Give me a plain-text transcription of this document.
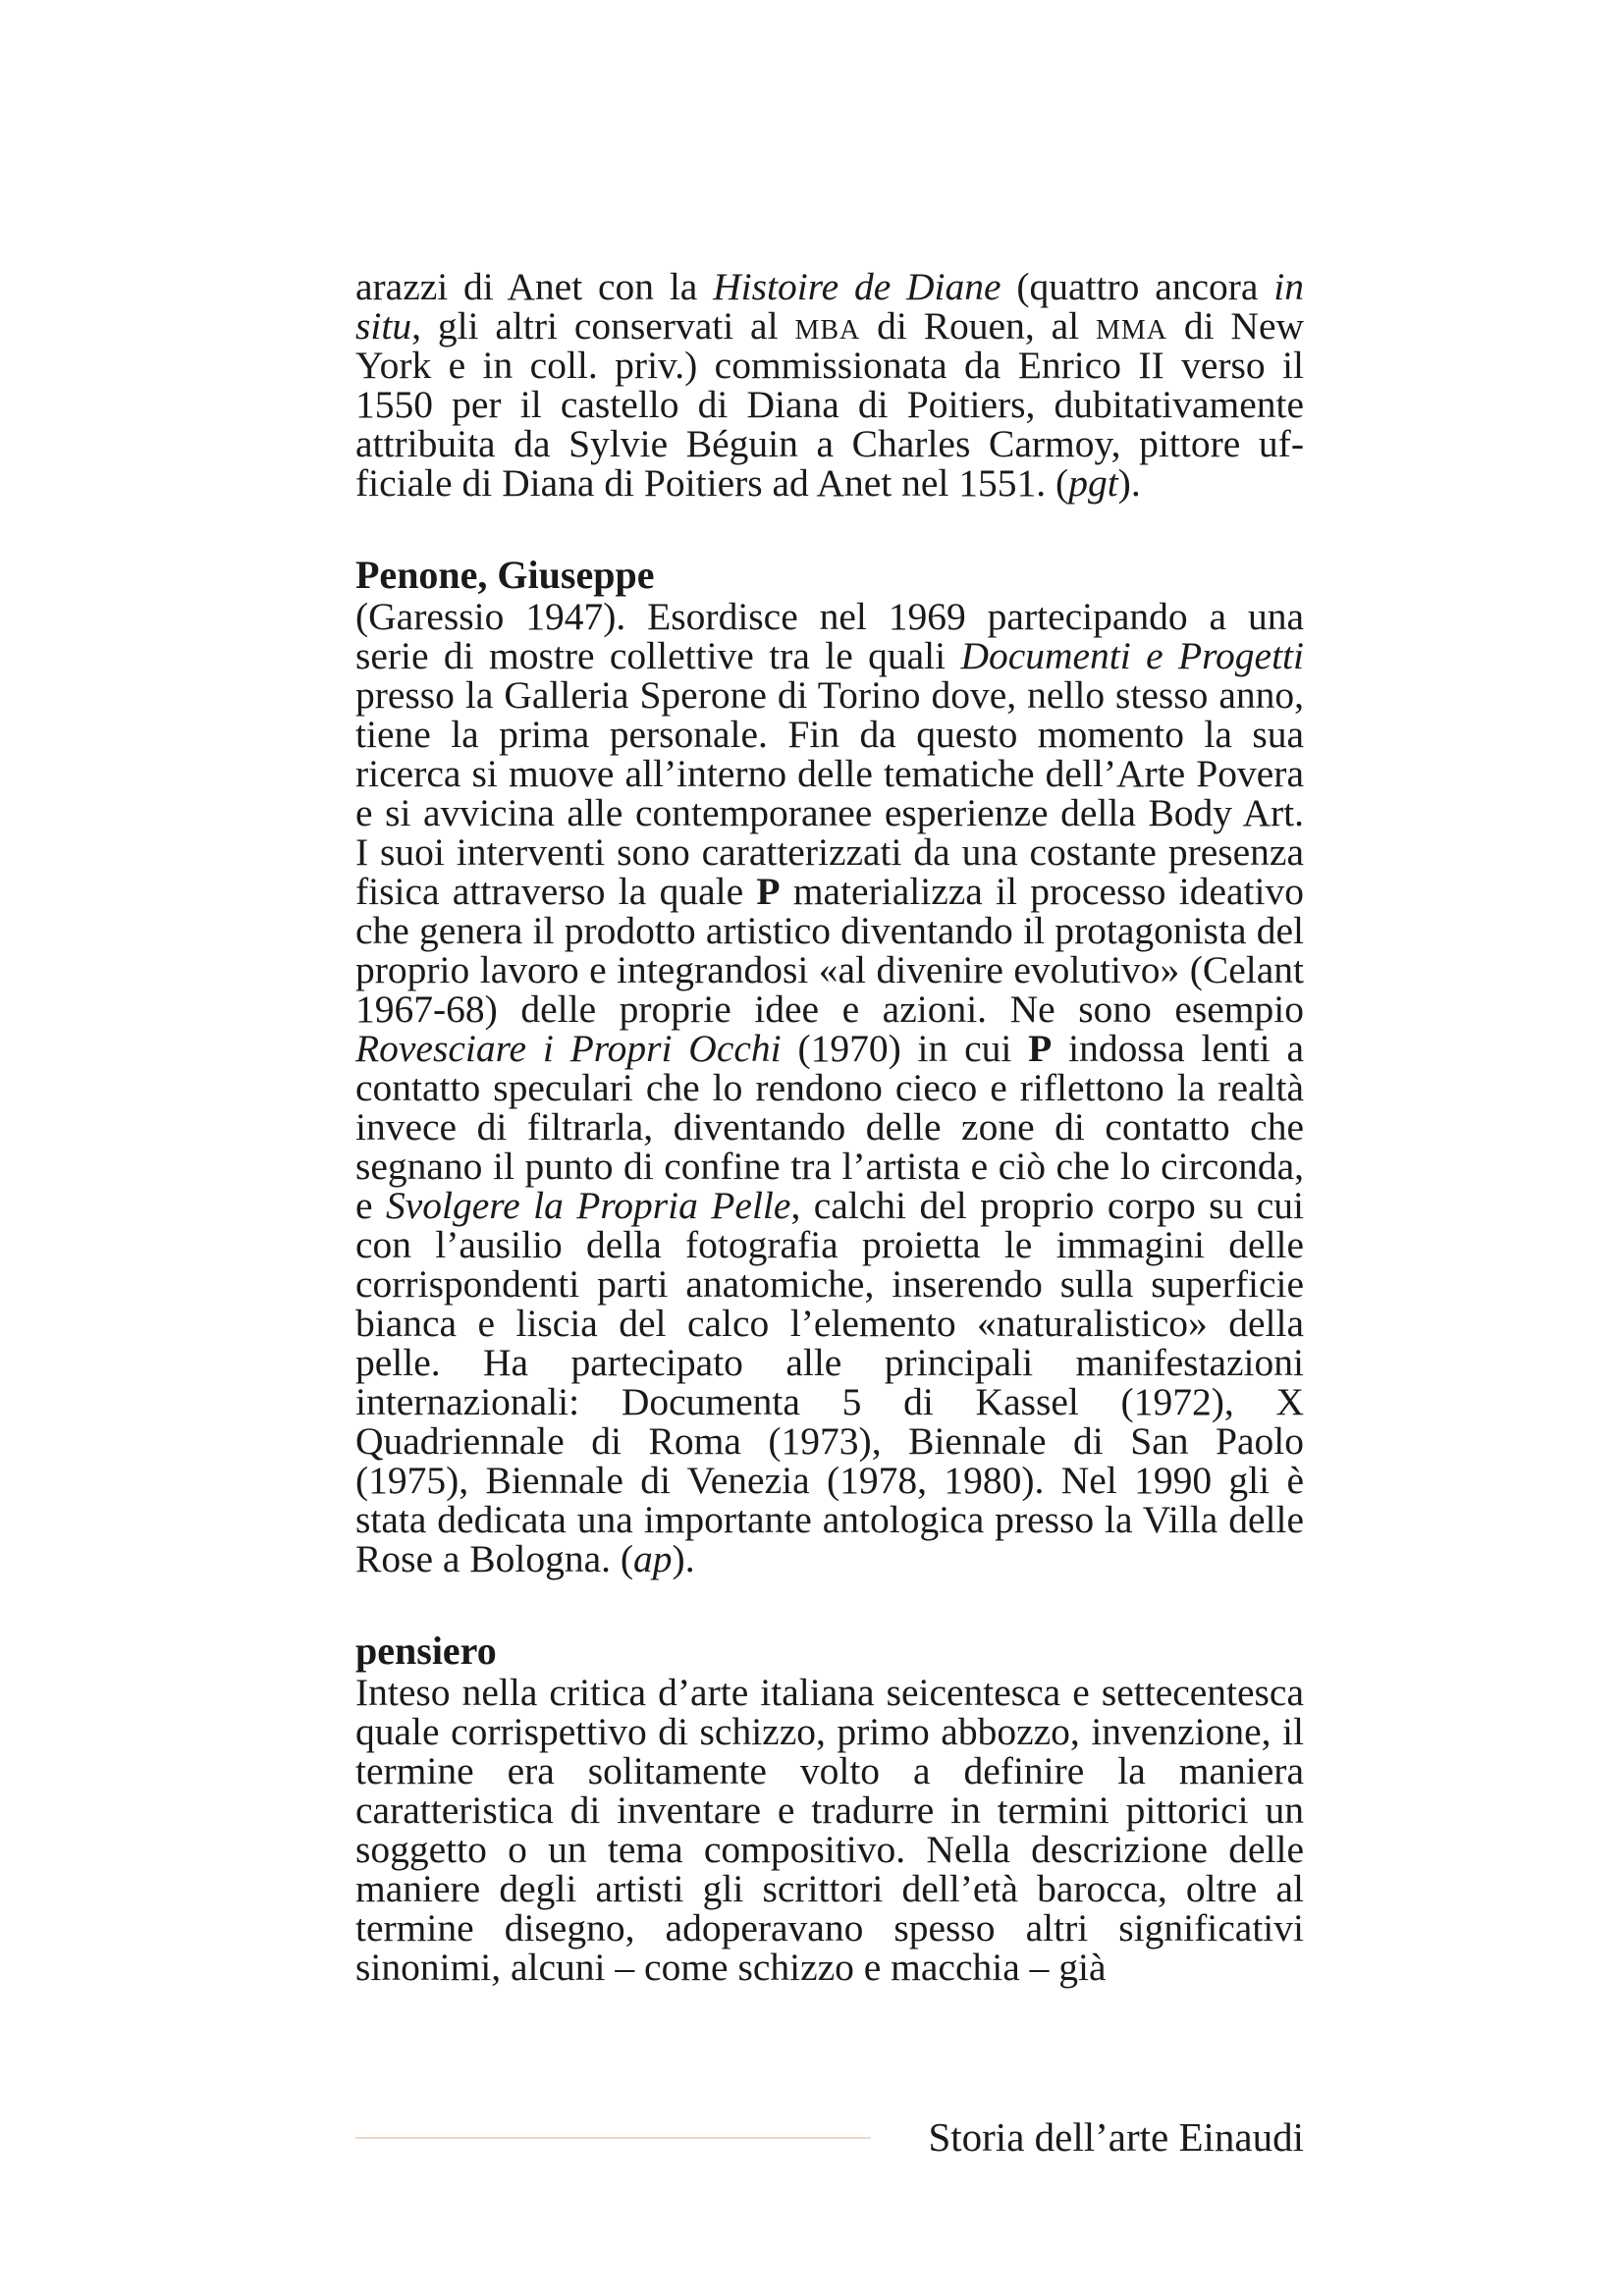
arazzi di Anet con la Histoire de Diane (quattro ancora in situ, gli altri conservati al mba di Rouen, al mma di New York e in coll. priv.) commissionata da Enrico II verso il 1550 per il castello di Diana di Poitiers, dubitativamente attribuita da Sylvie Béguin a Charles Carmoy, pittore ufficiale di Diana di Poitiers ad Anet nel 1551. (pgt).

Penone, Giuseppe

(Garessio 1947). Esordisce nel 1969 partecipando a una serie di mostre collettive tra le quali Documenti e Progetti presso la Galleria Sperone di Torino dove, nello stesso anno, tiene la prima personale. Fin da questo momento la sua ricerca si muove all’interno delle tematiche dell’Arte Povera e si avvicina alle contemporanee esperienze della Body Art. I suoi interventi sono caratterizzati da una costante presenza fisica attraverso la quale P materializza il processo ideativo che genera il prodotto artistico diventando il protagonista del proprio lavoro e integrandosi «al divenire evolutivo» (Celant 1967-68) delle proprie idee e azioni. Ne sono esempio Rovesciare i Propri Occhi (1970) in cui P indossa lenti a contatto speculari che lo rendono cieco e riflettono la realtà invece di filtrarla, diventando delle zone di contatto che segnano il punto di confine tra l’artista e ciò che lo circonda, e Svolgere la Propria Pelle, calchi del proprio corpo su cui con l’ausilio della fotografia proietta le immagini delle corrispondenti parti anatomiche, inserendo sulla superficie bianca e liscia del calco l’elemento «naturalistico» della pelle. Ha partecipato alle principali manifestazioni internazionali: Documenta 5 di Kassel (1972), X Quadriennale di Roma (1973), Biennale di San Paolo (1975), Biennale di Venezia (1978, 1980). Nel 1990 gli è stata dedicata una importante antologica presso la Villa delle Rose a Bologna. (ap).

pensiero

Inteso nella critica d’arte italiana seicentesca e settecentesca quale corrispettivo di schizzo, primo abbozzo, invenzione, il termine era solitamente volto a definire la maniera caratteristica di inventare e tradurre in termini pittorici un soggetto o un tema compositivo. Nella descrizione delle maniere degli artisti gli scrittori dell’età barocca, oltre al termine disegno, adoperavano spesso altri significativi sinonimi, alcuni – come schizzo e macchia – già

Storia dell’arte Einaudi
